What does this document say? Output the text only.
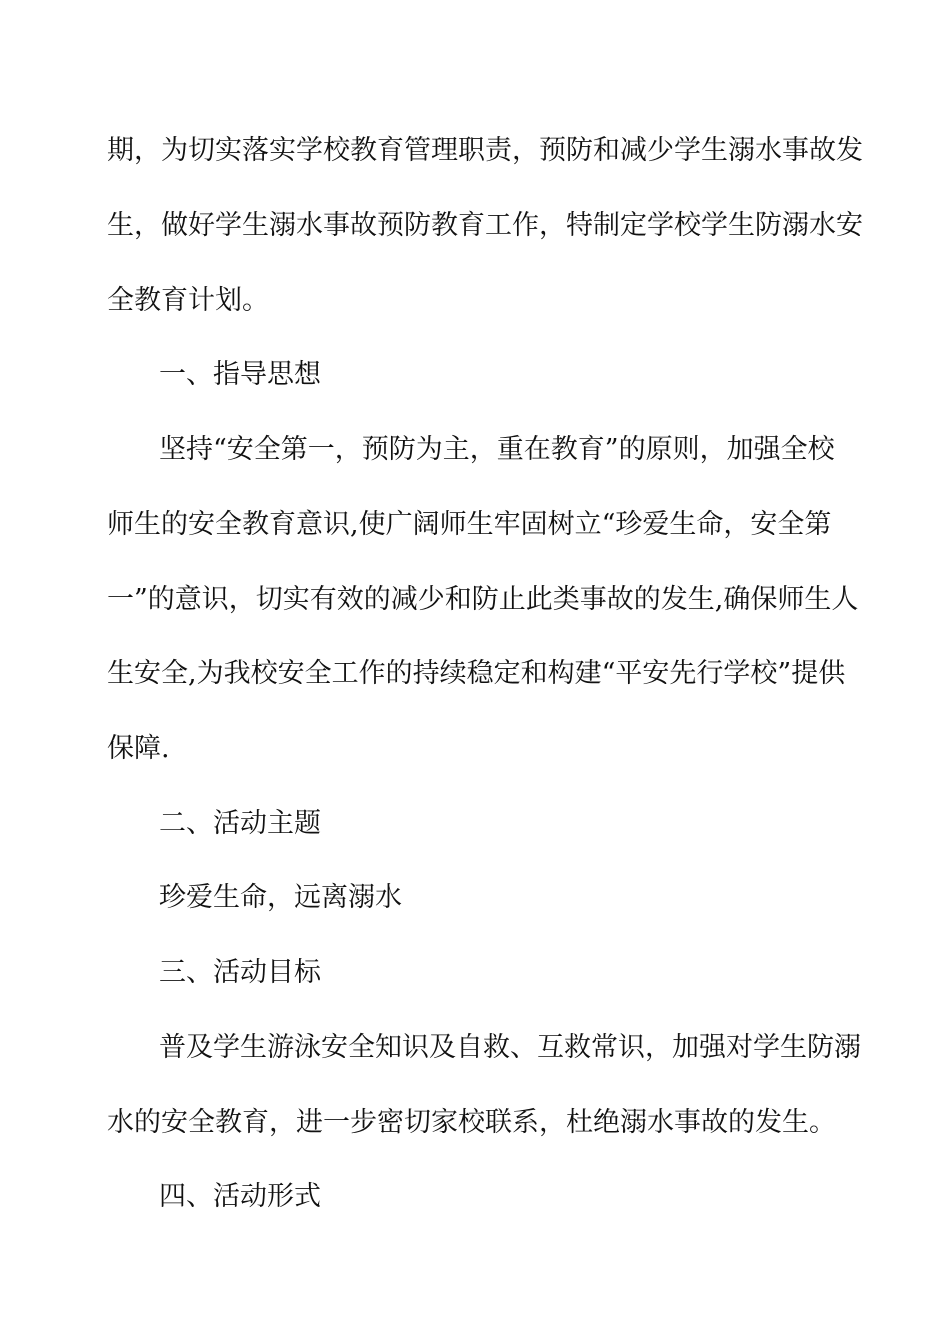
期，为切实落实学校教育管理职责，预防和减少学生溺水事故发
生，做好学生溺水事故预防教育工作，特制定学校学生防溺水安
全教育计划。
一、指导思想
坚持“安全第一，预防为主，重在教育”的原则，加强全校
师生的安全教育意识,使广阔师生牢固树立“珍爱生命，安全第
一”的意识，切实有效的减少和防止此类事故的发生,确保师生人
生安全,为我校安全工作的持续稳定和构建“平安先行学校”提供
保障.
二、活动主题
珍爱生命，远离溺水
三、活动目标
普及学生游泳安全知识及自救、互救常识，加强对学生防溺
水的安全教育，进一步密切家校联系，杜绝溺水事故的发生。
四、活动形式
